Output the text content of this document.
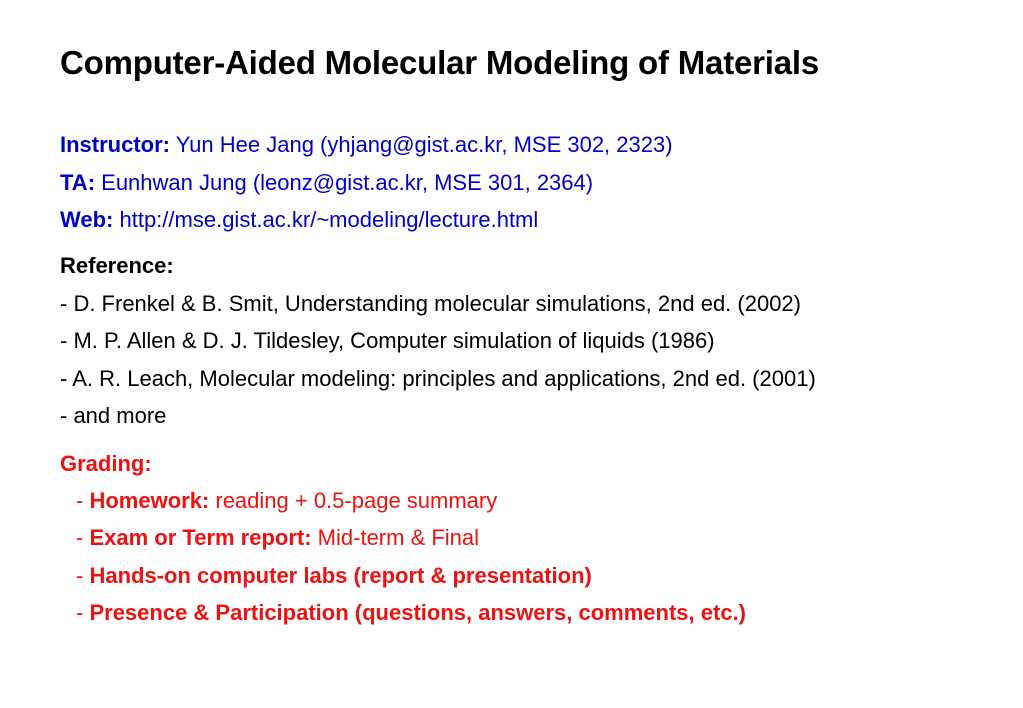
Computer-Aided Molecular Modeling of Materials
Instructor: Yun Hee Jang (yhjang@gist.ac.kr, MSE 302, 2323)
TA: Eunhwan Jung (leonz@gist.ac.kr, MSE 301, 2364)
Web: http://mse.gist.ac.kr/~modeling/lecture.html
Reference:
- D. Frenkel & B. Smit, Understanding molecular simulations, 2nd ed. (2002)
- M. P. Allen & D. J. Tildesley, Computer simulation of liquids (1986)
- A. R. Leach, Molecular modeling: principles and applications, 2nd ed. (2001)
- and more
Grading:
- Homework: reading + 0.5-page summary
- Exam or Term report: Mid-term & Final
- Hands-on computer labs (report & presentation)
- Presence & Participation (questions, answers, comments, etc.)
